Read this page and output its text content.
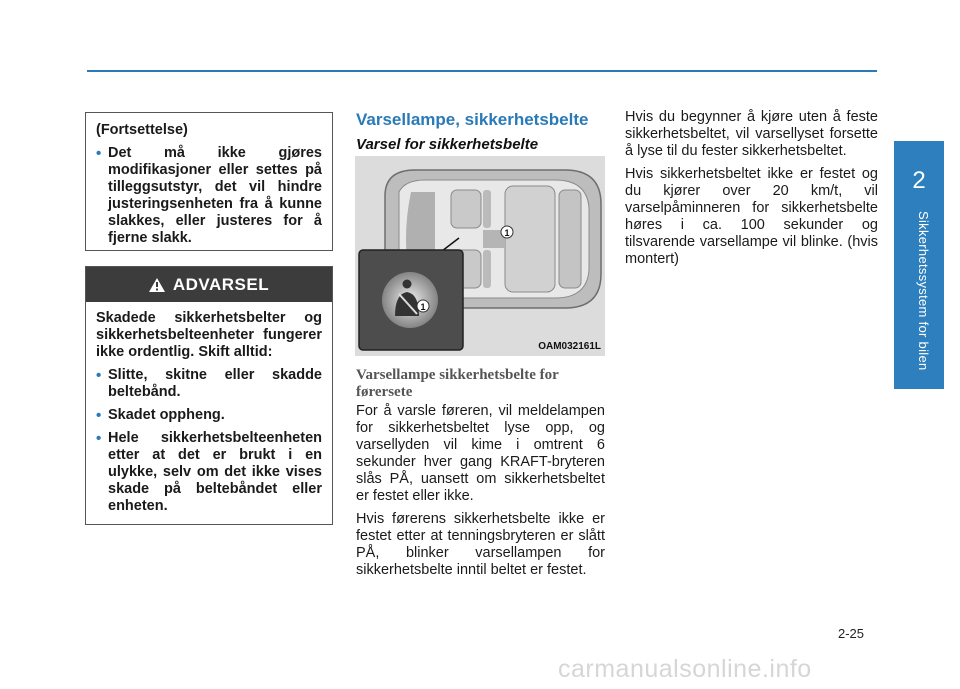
2
Sikkerhetssystem for bilen
(Fortsettelse)
• Det må ikke gjøres modifikasjoner eller settes på tilleggsutstyr, det vil hindre justeringsenheten fra å kunne slakkes, eller justeres for å fjerne slakk.
ADVARSEL
Skadede sikkerhetsbelter og sikkerhetsbelteenheter fungerer ikke ordentlig. Skift alltid:
• Slitte, skitne eller skadde beltebånd.
• Skadet oppheng.
• Hele sikkerhetsbelteenheten etter at det er brukt i en ulykke, selv om det ikke vises skade på beltebåndet eller enheten.
Varsellampe, sikkerhetsbelte
Varsel for sikkerhetsbelte
1
1
OAM032161L
Varsellampe sikkerhetsbelte for førersete

For å varsle føreren, vil meldelampen for sikkerhetsbeltet lyse opp, og varsellyden vil kime i omtrent 6 sekunder hver gang KRAFT-bryteren slås PÅ, uansett om sikkerhetsbeltet er festet eller ikke.

Hvis førerens sikkerhetsbelte ikke er festet etter at tenningsbryteren er slått PÅ, blinker varsellampen for sikkerhetsbelte inntil beltet er festet.

Hvis du begynner å kjøre uten å feste sikkerhetsbeltet, vil varsellyset forsette å lyse til du fester sikkerhetsbeltet.

Hvis sikkerhetsbeltet ikke er festet og du kjører over 20 km/t, vil varselpåminneren for sikkerhetsbelte høres i ca. 100 sekunder og tilsvarende varsellampe vil blinke. (hvis montert)

2-25
carmanualsonline.info
